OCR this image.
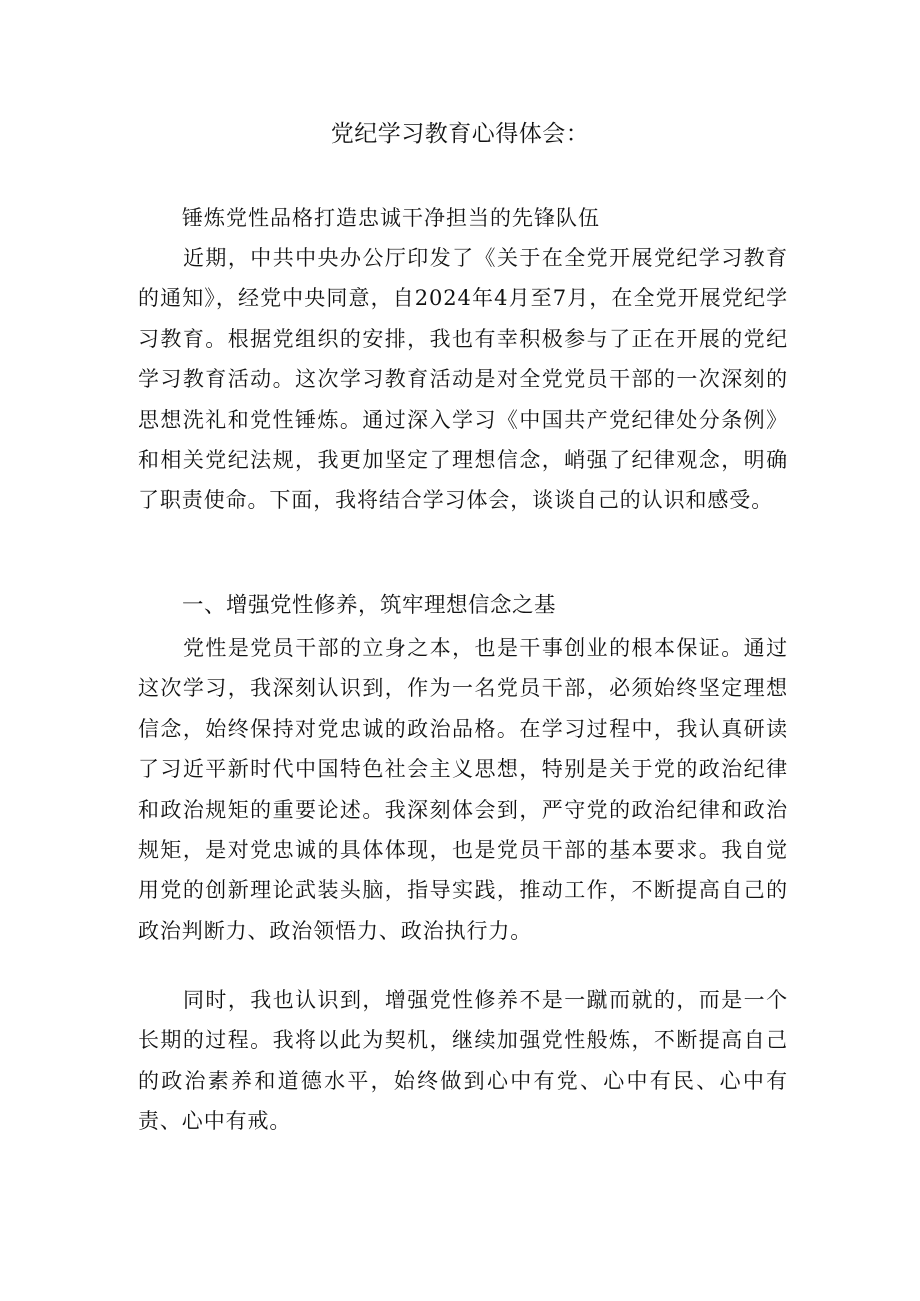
党纪学习教育心得体会：

锤炼党性品格打造忠诚干净担当的先锋队伍

近期，中共中央办公厅印发了《关于在全党开展党纪学习教育的通知》，经党中央同意，自2024年4月至7月，在全党开展党纪学习教育。根据党组织的安排，我也有幸积极参与了正在开展的党纪学习教育活动。这次学习教育活动是对全党党员干部的一次深刻的思想洗礼和党性锤炼。通过深入学习《中国共产党纪律处分条例》和相关党纪法规，我更加坚定了理想信念，峭强了纪律观念，明确了职责使命。下面，我将结合学习体会，谈谈自己的认识和感受。

一、增强党性修养，筑牢理想信念之基

党性是党员干部的立身之本，也是干事创业的根本保证。通过这次学习，我深刻认识到，作为一名党员干部，必须始终坚定理想信念，始终保持对党忠诚的政治品格。在学习过程中，我认真研读了习近平新时代中国特色社会主义思想，特别是关于党的政治纪律和政治规矩的重要论述。我深刻体会到，严守党的政治纪律和政治规矩，是对党忠诚的具体体现，也是党员干部的基本要求。我自觉用党的创新理论武装头脑，指导实践，推动工作，不断提高自己的政治判断力、政治领悟力、政治执行力。

同时，我也认识到，增强党性修养不是一蹴而就的，而是一个长期的过程。我将以此为契机，继续加强党性般炼，不断提高自己的政治素养和道德水平，始终做到心中有党、心中有民、心中有责、心中有戒。
